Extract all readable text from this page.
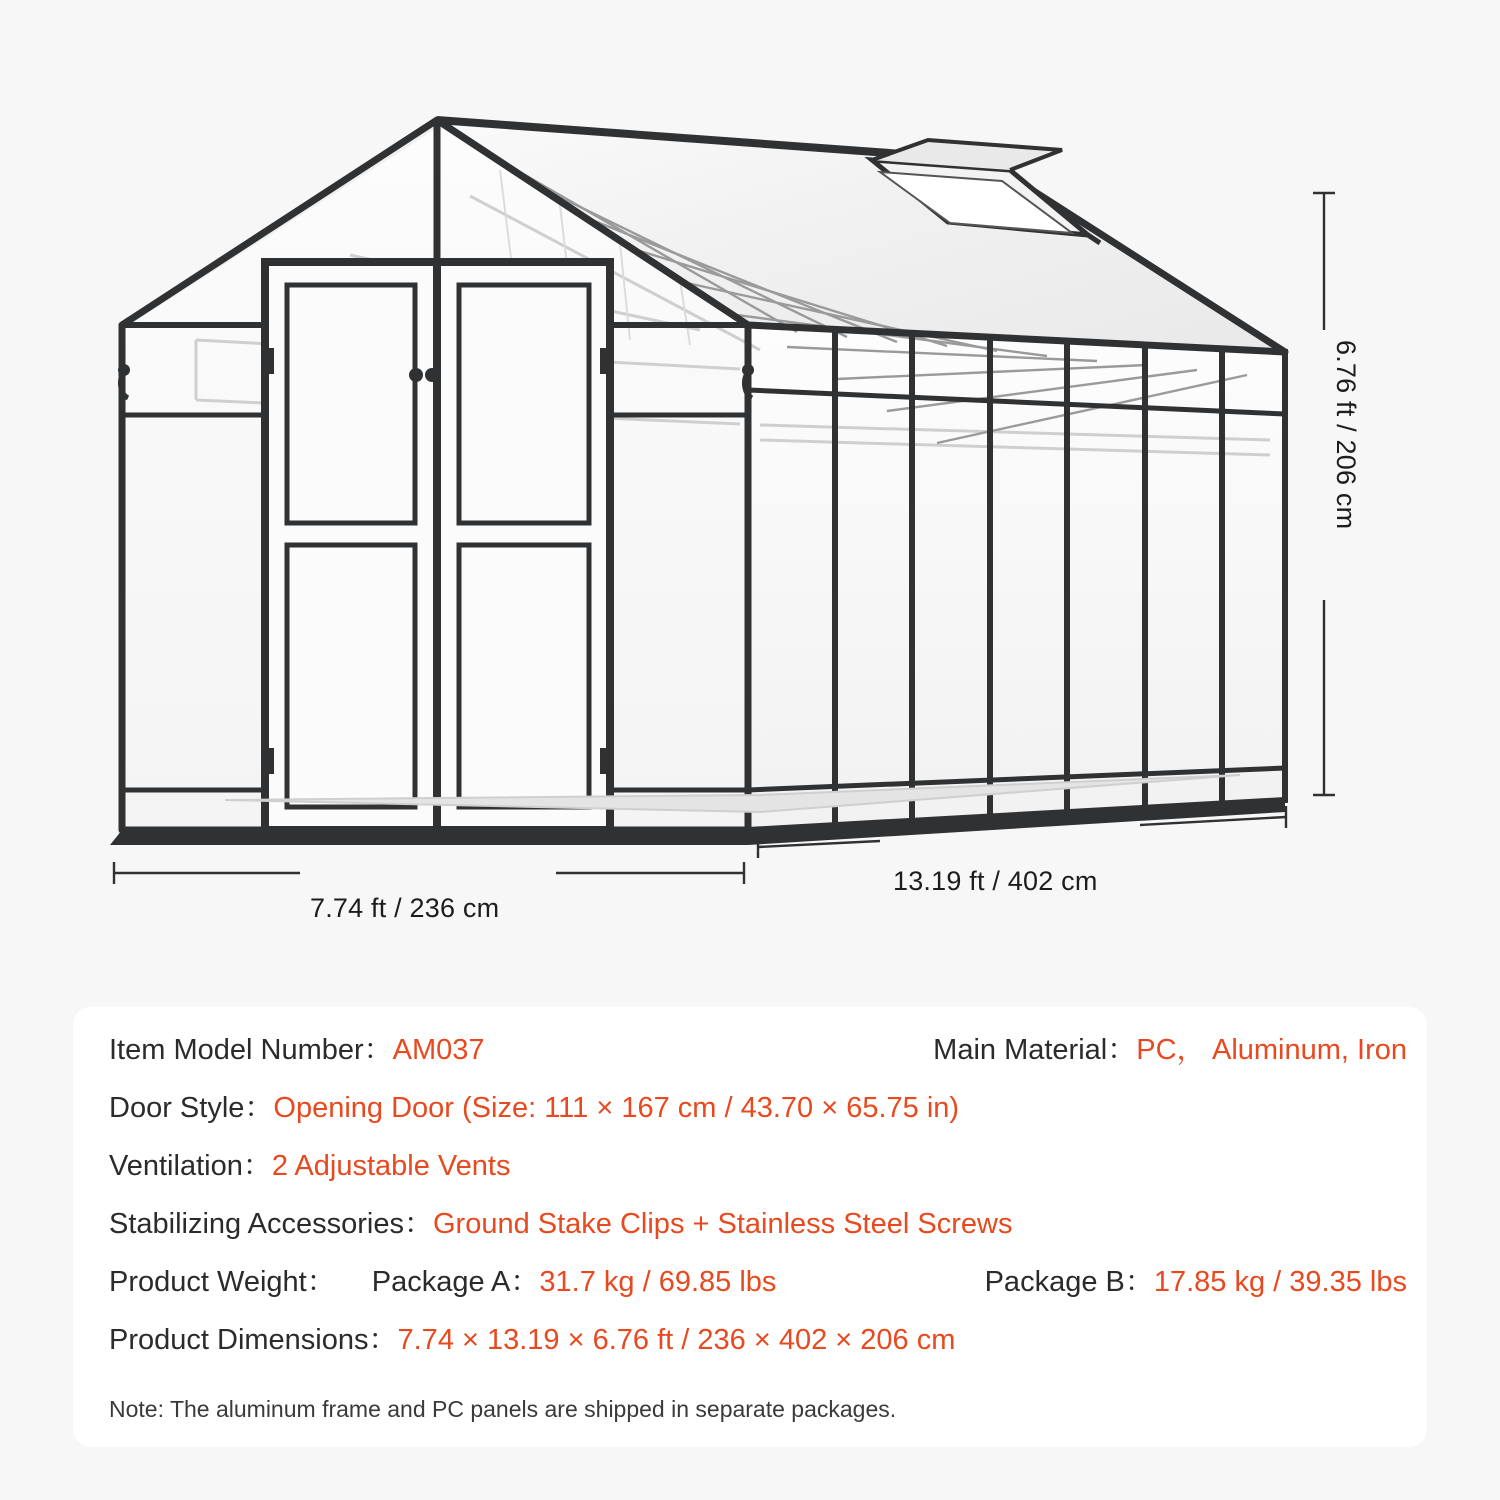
7.74 ft / 236 cm
13.19 ft / 402 cm
6.76 ft / 206 cm
Item Model Number： AM037	Main Material： PC， Aluminum, Iron
Door Style： Opening Door (Size: 111 × 167 cm / 43.70 × 65.75 in)
Ventilation： 2 Adjustable Vents
Stabilizing Accessories： Ground Stake Clips + Stainless Steel Screws
Product Weight： Package A： 31.7 kg / 69.85 lbs	Package B： 17.85 kg / 39.35 lbs
Product Dimensions： 7.74 × 13.19 × 6.76 ft / 236 × 402 × 206 cm
Note: The aluminum frame and PC panels are shipped in separate packages.
